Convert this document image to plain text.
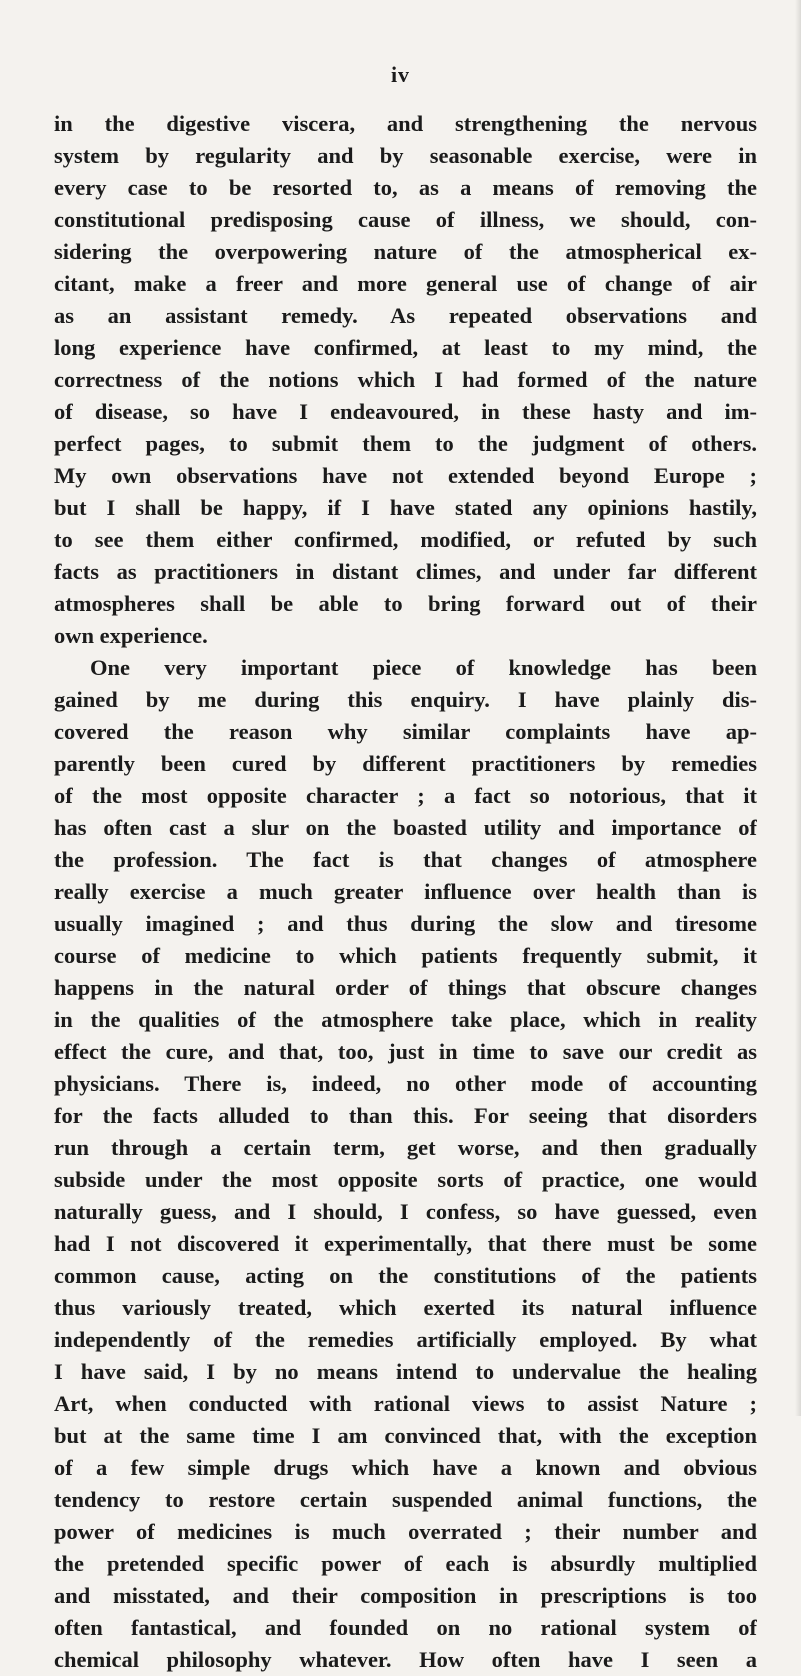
iv
in the digestive viscera, and strengthening the nervous
system by regularity and by seasonable exercise, were in
every case to be resorted to, as a means of removing the
constitutional predisposing cause of illness, we should, con-
sidering the overpowering nature of the atmospherical ex-
citant, make a freer and more general use of change of air
as an assistant remedy. As repeated observations and
long experience have confirmed, at least to my mind, the
correctness of the notions which I had formed of the nature
of disease, so have I endeavoured, in these hasty and im-
perfect pages, to submit them to the judgment of others.
My own observations have not extended beyond Europe ;
but I shall be happy, if I have stated any opinions hastily,
to see them either confirmed, modified, or refuted by such
facts as practitioners in distant climes, and under far different
atmospheres shall be able to bring forward out of their
own experience.
One very important piece of knowledge has been
gained by me during this enquiry. I have plainly dis-
covered the reason why similar complaints have ap-
parently been cured by different practitioners by remedies
of the most opposite character ; a fact so notorious, that it
has often cast a slur on the boasted utility and importance of
the profession. The fact is that changes of atmosphere
really exercise a much greater influence over health than is
usually imagined ; and thus during the slow and tiresome
course of medicine to which patients frequently submit, it
happens in the natural order of things that obscure changes
in the qualities of the atmosphere take place, which in reality
effect the cure, and that, too, just in time to save our credit as
physicians. There is, indeed, no other mode of accounting
for the facts alluded to than this. For seeing that disorders
run through a certain term, get worse, and then gradually
subside under the most opposite sorts of practice, one would
naturally guess, and I should, I confess, so have guessed, even
had I not discovered it experimentally, that there must be some
common cause, acting on the constitutions of the patients
thus variously treated, which exerted its natural influence
independently of the remedies artificially employed. By what
I have said, I by no means intend to undervalue the healing
Art, when conducted with rational views to assist Nature ;
but at the same time I am convinced that, with the exception
of a few simple drugs which have a known and obvious
tendency to restore certain suspended animal functions, the
power of medicines is much overrated ; their number and
the pretended specific power of each is absurdly multiplied
and misstated, and their composition in prescriptions is too
often fantastical, and founded on no rational system of
chemical philosophy whatever. How often have I seen a
